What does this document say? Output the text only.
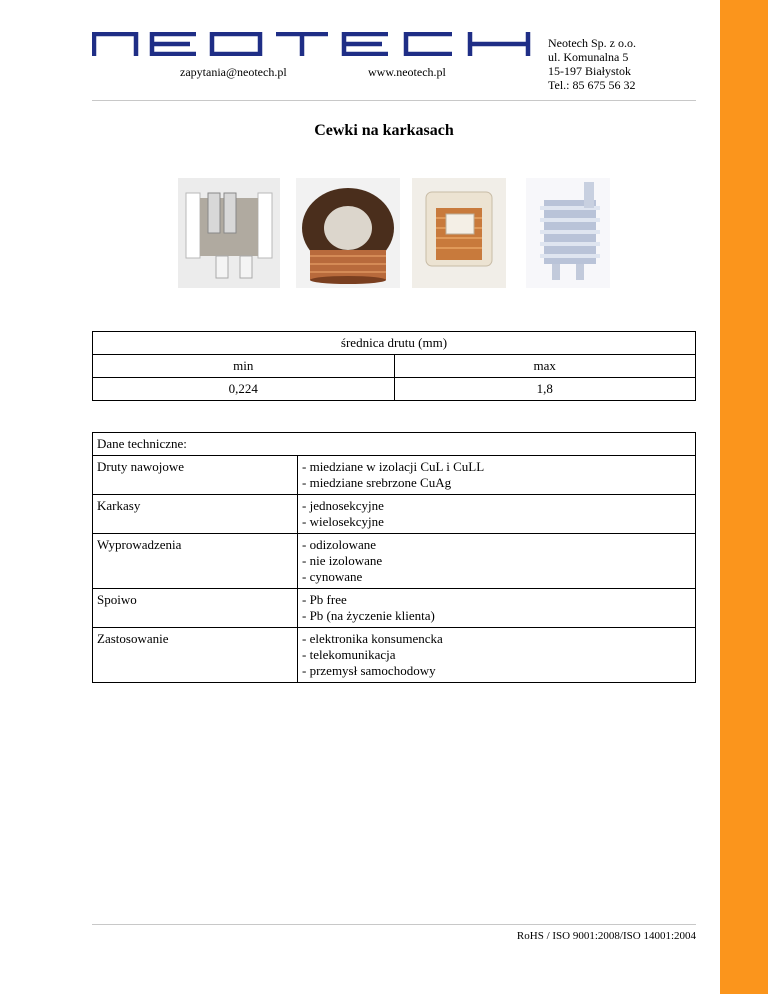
zapytania@neotech.pl	www.neotech.pl
Neotech Sp. z o.o.
ul. Komunalna 5
15-197 Białystok
Tel.: 85 675 56 32
Cewki na karkasach
średnica drutu (mm)	
min	max
0,224	1,8
Dane techniczne:	
Druty nawojowe	- miedziane w izolacji CuL i CuLL
- miedziane srebrzone CuAg

Karkasy	- jednosekcyjne
- wielosekcyjne

Wyprowadzenia	- odizolowane
- nie izolowane
- cynowane

Spoiwo	- Pb free
- Pb (na życzenie klienta)

Zastosowanie	- elektronika konsumencka
- telekomunikacja
- przemysł samochodowy
RoHS / ISO 9001:2008/ISO 14001:2004
